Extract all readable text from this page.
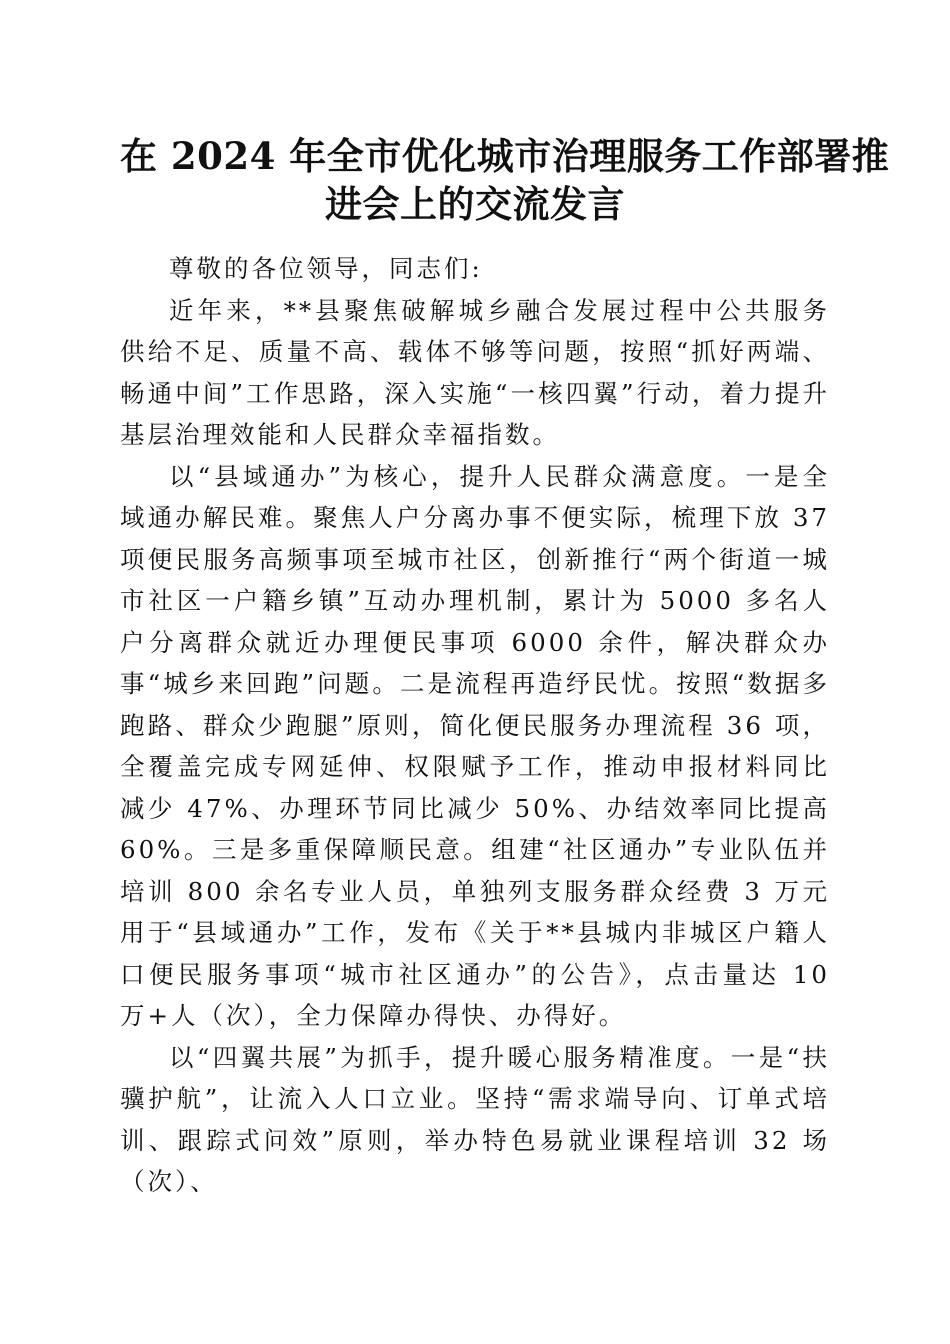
在 2024 年全市优化城市治理服务工作部署推
进会上的交流发言

尊敬的各位领导，同志们:

近年来，**县聚焦破解城乡融合发展过程中公共服务供给不足、质量不高、载体不够等问题，按照“抓好两端、畅通中间”工作思路，深入实施“一核四翼”行动，着力提升基层治理效能和人民群众幸福指数。

以“县域通办”为核心，提升人民群众满意度。一是全域通办解民难。聚焦人户分离办事不便实际，梳理下放 37 项便民服务高频事项至城市社区，创新推行“两个街道一城市社区一户籍乡镇”互动办理机制，累计为 5000 多名人户分离群众就近办理便民事项 6000 余件，解决群众办事“城乡来回跑”问题。二是流程再造纾民忧。按照“数据多跑路、群众少跑腿”原则，简化便民服务办理流程 36 项，全覆盖完成专网延伸、权限赋予工作，推动申报材料同比减少 47%、办理环节同比减少 50%、办结效率同比提高 60%。三是多重保障顺民意。组建“社区通办”专业队伍并培训 800 余名专业人员，单独列支服务群众经费 3 万元用于“县域通办”工作，发布《关于**县城内非城区户籍人口便民服务事项“城市社区通办”的公告》，点击量达 10 万+人（次），全力保障办得快、办得好。

以“四翼共展”为抓手，提升暖心服务精准度。一是“扶骥护航”，让流入人口立业。坚持“需求端导向、订单式培训、跟踪式问效”原则，举办特色易就业课程培训 32 场（次）、
